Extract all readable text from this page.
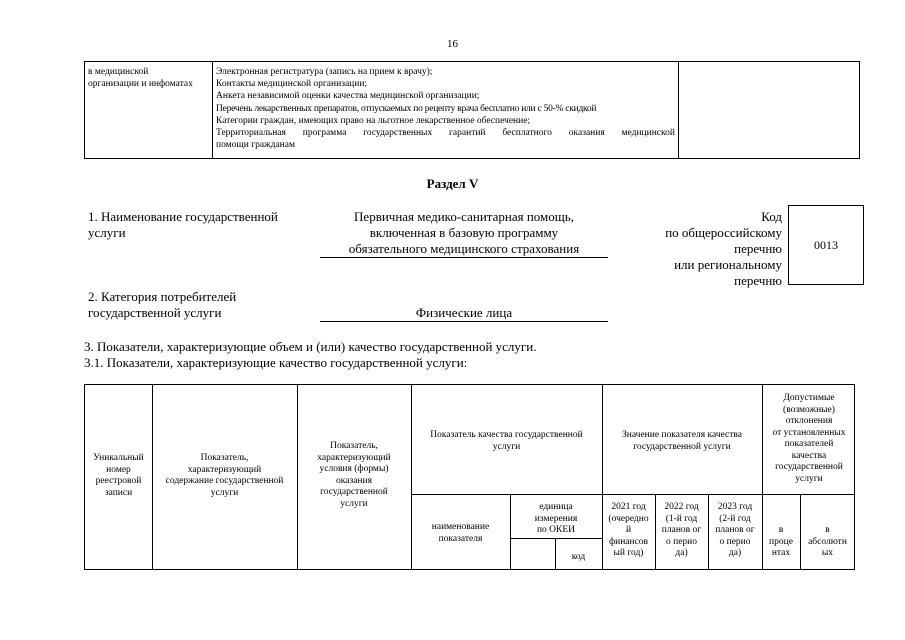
16
в медицинской
организации и инфоматах
Электронная регистратура (запись на прием к врачу);
Контакты медицинской организации;
Анкета независимой оценки качества медицинской организации;
Перечень лекарственных препаратов, отпускаемых по рецепту врача бесплатно или с 50-% скидкой
Категории граждан, имеющих право на льготное лекарственное обеспечение;
Территориальная программа государственных гарантий бесплатного оказания медицинской
помощи гражданам
Раздел V
1. Наименование государственной
услуги
Первичная медико-санитарная помощь,
включенная в базовую программу
обязательного медицинского страхования
Код
по общероссийскому
перечню
или региональному
перечню
0013
2. Категория потребителей
государственной услуги	Физические лица
3. Показатели, характеризующие объем и (или) качество государственной услуги.
3.1. Показатели, характеризующие качество государственной услуги:
Уникальный
номер
реестровой
записи
Показатель,
характеризующий
содержание государственной
услуги
Показатель,
характеризующий
условия (формы)
оказания
государственной
услуги
Показатель качества государственной
услуги
Значение показателя качества
государственной услуги
Допустимые
(возможные)
отклонения
от установленных
показателей
качества
государственной
услуги
наименование
показателя
единица
измерения
по ОКЕИ
код
2021 год
(очередно
й
финансов
ый год)
2022 год
(1-й год
планов ог
о перио
да)
2023 год
(2-й год
планов ог
о перио
да)
в
проце
нтах
в
абсолютн
ых
